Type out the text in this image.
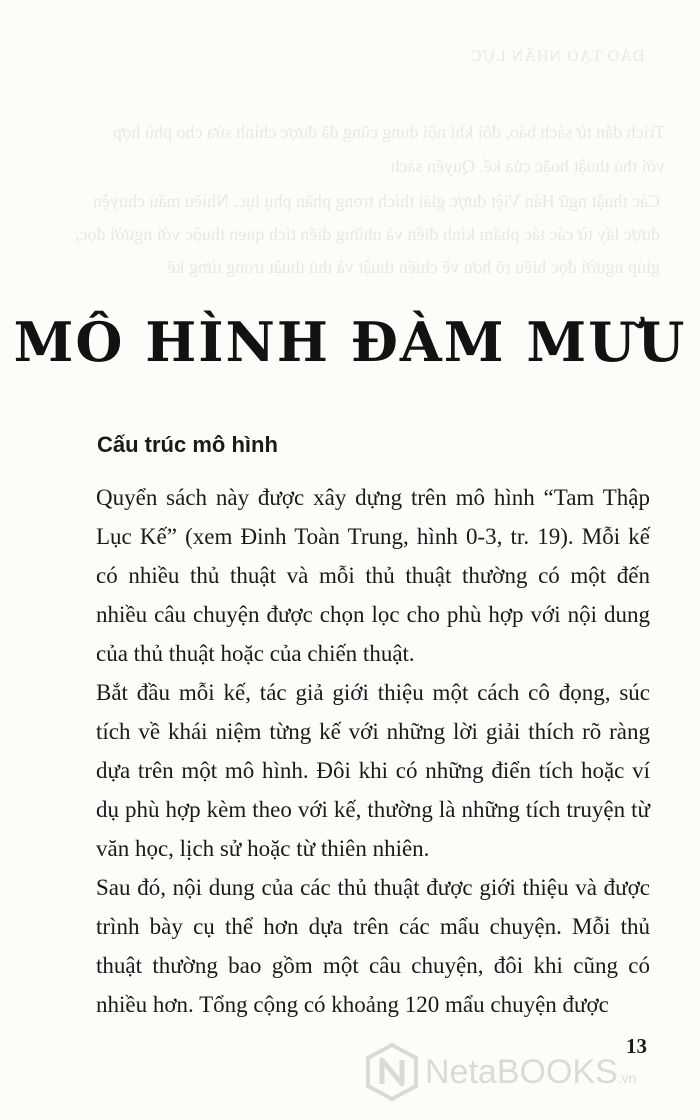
ĐÀO TẠO NHÂN LỰC
Trích dẫn từ sách báo, đôi khi nội dung cũng đã được chỉnh sửa cho phù hợp với thủ thuật hoặc của kế. Quyển sách
Các thuật ngữ Hán Việt được giải thích trong phần phụ lục. Nhiều mẩu chuyện được lấy từ các tác phẩm kinh điển và những điển tích quen thuộc với người đọc, giúp người đọc hiểu rõ hơn về chiến thuật và thủ thuật trong từng kế
MÔ HÌNH ĐÀM MƯU
Cấu trúc mô hình

Quyển sách này được xây dựng trên mô hình “Tam Thập Lục Kế” (xem Đinh Toàn Trung, hình 0-3, tr. 19). Mỗi kế có nhiều thủ thuật và mỗi thủ thuật thường có một đến nhiều câu chuyện được chọn lọc cho phù hợp với nội dung của thủ thuật hoặc của chiến thuật.

Bắt đầu mỗi kế, tác giả giới thiệu một cách cô đọng, súc tích về khái niệm từng kế với những lời giải thích rõ ràng dựa trên một mô hình. Đôi khi có những điển tích hoặc ví dụ phù hợp kèm theo với kế, thường là những tích truyện từ văn học, lịch sử hoặc từ thiên nhiên.

Sau đó, nội dung của các thủ thuật được giới thiệu và được trình bày cụ thể hơn dựa trên các mẩu chuyện. Mỗi thủ thuật thường bao gồm một câu chuyện, đôi khi cũng có nhiều hơn. Tổng cộng có khoảng 120 mẩu chuyện được

13
NetaBOOKS.vn
